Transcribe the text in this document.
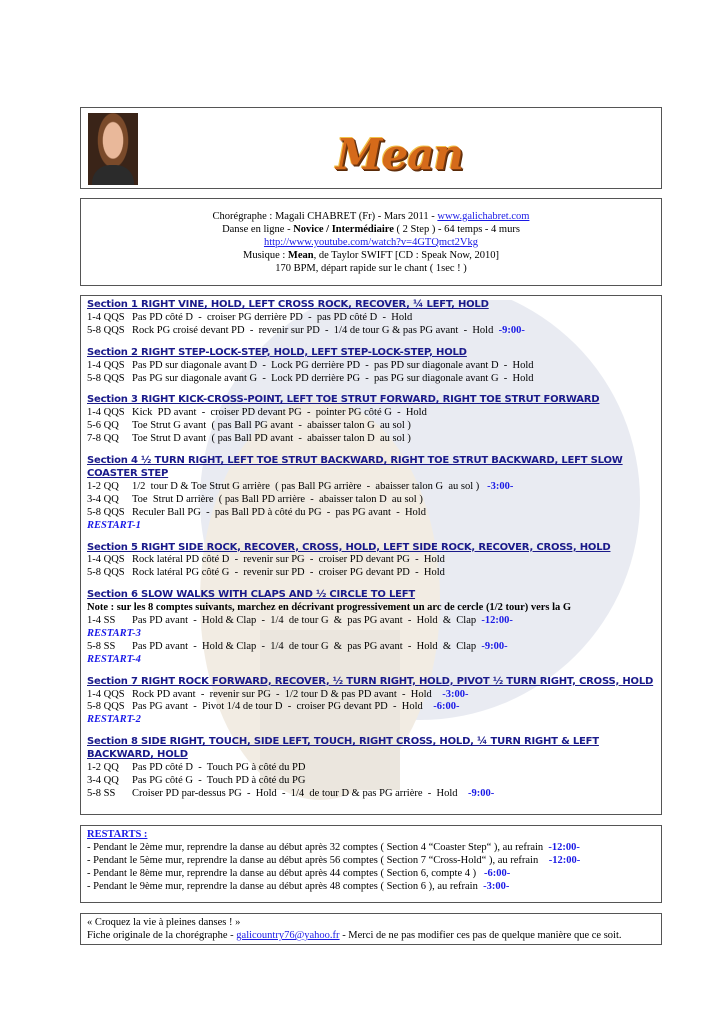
Mean
Chorégraphe : Magali CHABRET (Fr) - Mars 2011 - www.galichabret.com
Danse en ligne - Novice / Intermédiaire ( 2 Step ) - 64 temps - 4 murs
http://www.youtube.com/watch?v=4GTQmct2Vkg
Musique : Mean, de Taylor SWIFT [CD : Speak Now, 2010]
170 BPM, départ rapide sur le chant ( 1sec ! )
Section 1 RIGHT VINE, HOLD, LEFT CROSS ROCK, RECOVER, ¼ LEFT, HOLD
1-4 QQS Pas PD côté D  -  croiser PG derrière PD  -  pas PD côté D  -  Hold
5-8 QQS Rock PG croisé devant PD  -  revenir sur PD  -  1/4 de tour G & pas PG avant  -  Hold  -9:00-
Section 2 RIGHT STEP-LOCK-STEP, HOLD, LEFT STEP-LOCK-STEP, HOLD
1-4 QQS Pas PD sur diagonale avant D  -  Lock PG derrière PD  -  pas PD sur diagonale avant D  -  Hold
5-8 QQS Pas PG sur diagonale avant G  -  Lock PD derrière PG  -  pas PG sur diagonale avant G  -  Hold
Section 3 RIGHT KICK-CROSS-POINT, LEFT TOE STRUT FORWARD, RIGHT TOE STRUT FORWARD
1-4 QQS Kick  PD avant  -  croiser PD devant PG  -  pointer PG côté G  -  Hold
5-6 QQ Toe Strut G avant  ( pas Ball PG avant  -  abaisser talon G  au sol )
7-8 QQ Toe Strut D avant  ( pas Ball PD avant  -  abaisser talon D  au sol )
Section 4 ½ TURN RIGHT, LEFT TOE STRUT BACKWARD, RIGHT TOE STRUT BACKWARD, LEFT SLOW COASTER STEP
1-2 QQ 1/2  tour D & Toe Strut G arrière  ( pas Ball PG arrière  -  abaisser talon G  au sol )   -3:00-
3-4 QQ Toe  Strut D arrière  ( pas Ball PD arrière  -  abaisser talon D  au sol )
5-8 QQS Reculer Ball PG  -  pas Ball PD à côté du PG  -  pas PG avant  -  Hold
RESTART-1
Section 5 RIGHT SIDE ROCK, RECOVER, CROSS, HOLD, LEFT SIDE ROCK, RECOVER, CROSS, HOLD
1-4 QQS Rock latéral PD côté D  -  revenir sur PG  -  croiser PD devant PG  -  Hold
5-8 QQS Rock latéral PG côté G  -  revenir sur PD  -  croiser PG devant PD  -  Hold
Section 6 SLOW WALKS WITH CLAPS AND ½ CIRCLE TO LEFT
Note : sur les 8 comptes suivants, marchez en décrivant progressivement un arc de cercle (1/2 tour) vers la G
1-4 SS Pas PD avant  -  Hold & Clap  -  1/4  de tour G  &  pas PG avant  -  Hold  &  Clap  -12:00-
RESTART-3
5-8 SS Pas PD avant  -  Hold & Clap  -  1/4  de tour G  &  pas PG avant  -  Hold  &  Clap  -9:00-
RESTART-4
Section 7 RIGHT ROCK FORWARD, RECOVER, ½ TURN RIGHT, HOLD, PIVOT ½ TURN RIGHT, CROSS, HOLD
1-4 QQS Rock PD avant  -  revenir sur PG  -  1/2 tour D & pas PD avant  -  Hold    -3:00-
5-8 QQS Pas PG avant  -  Pivot 1/4 de tour D  -  croiser PG devant PD  -  Hold    -6:00-
RESTART-2
Section 8 SIDE RIGHT, TOUCH, SIDE LEFT, TOUCH, RIGHT CROSS, HOLD, ¼ TURN RIGHT & LEFT BACKWARD, HOLD
1-2 QQ Pas PD côté D  -  Touch PG à côté du PD
3-4 QQ Pas PG côté G  -  Touch PD à côté du PG
5-8 SS Croiser PD par-dessus PG  -  Hold  -  1/4  de tour D & pas PG arrière  -  Hold    -9:00-
RESTARTS :
- Pendant le 2ème mur, reprendre la danse au début après 32 comptes ( Section 4 “Coaster Step“ ), au refrain  -12:00-
- Pendant le 5ème mur, reprendre la danse au début après 56 comptes ( Section 7 “Cross-Hold“ ), au refrain    -12:00-
- Pendant le 8ème mur, reprendre la danse au début après 44 comptes ( Section 6, compte 4 )   -6:00-
- Pendant le 9ème mur, reprendre la danse au début après 48 comptes ( Section 6 ), au refrain  -3:00-
« Croquez la vie à pleines danses ! »
Fiche originale de la chorégraphe - galicountry76@yahoo.fr - Merci de ne pas modifier ces pas de quelque manière que ce soit.
